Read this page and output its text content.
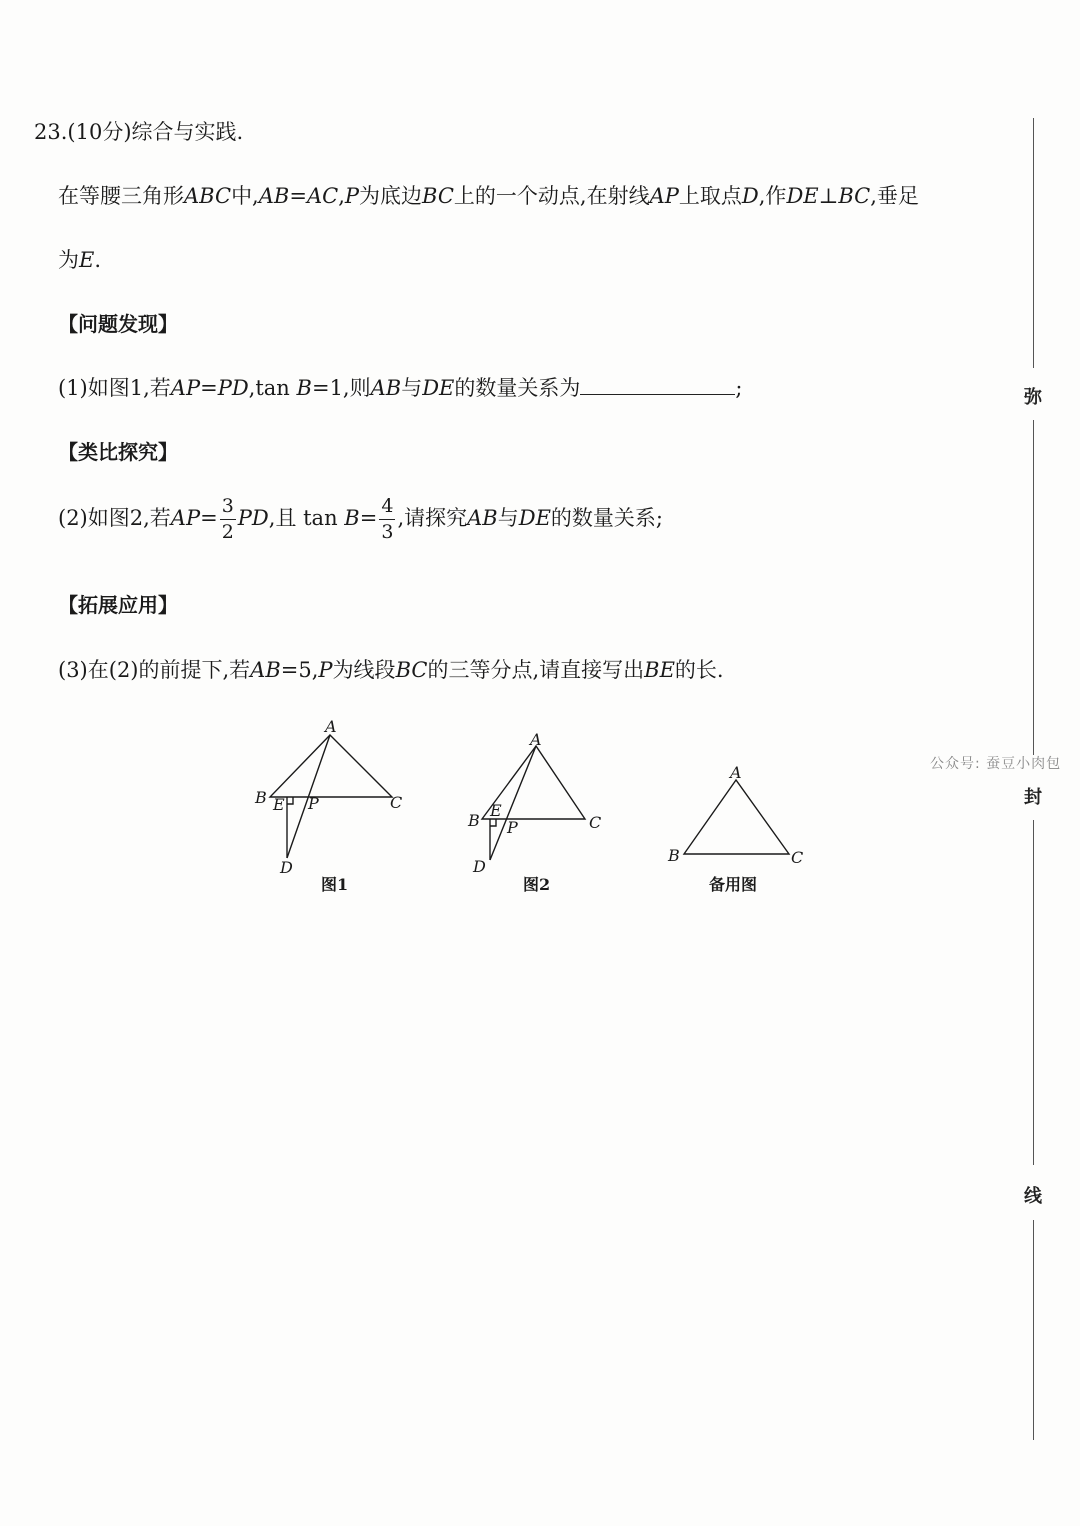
23.(10分)综合与实践.
在等腰三角形ABC中,AB=AC,P为底边BC上的一个动点,在射线AP上取点D,作DE⊥BC,垂足
为E.
【问题发现】
(1)如图1,若AP=PD,tan B=1,则AB与DE的数量关系为	;
【类比探究】
(2)如图2,若$AP= \frac{3}{2}$ PD,且 $\tan B= \frac{4}{3}$ ,请探究AB与DE的数量关系;
【拓展应用】
(3)在(2)的前提下,若AB=5,P为线段BC的三等分点,请直接写出BE的长.
A
B	C
E P
D
A
B	C
E
P
D
A
B	C
图1	图2	备用图
弥
封
线
公众号: 蚕豆小肉包
